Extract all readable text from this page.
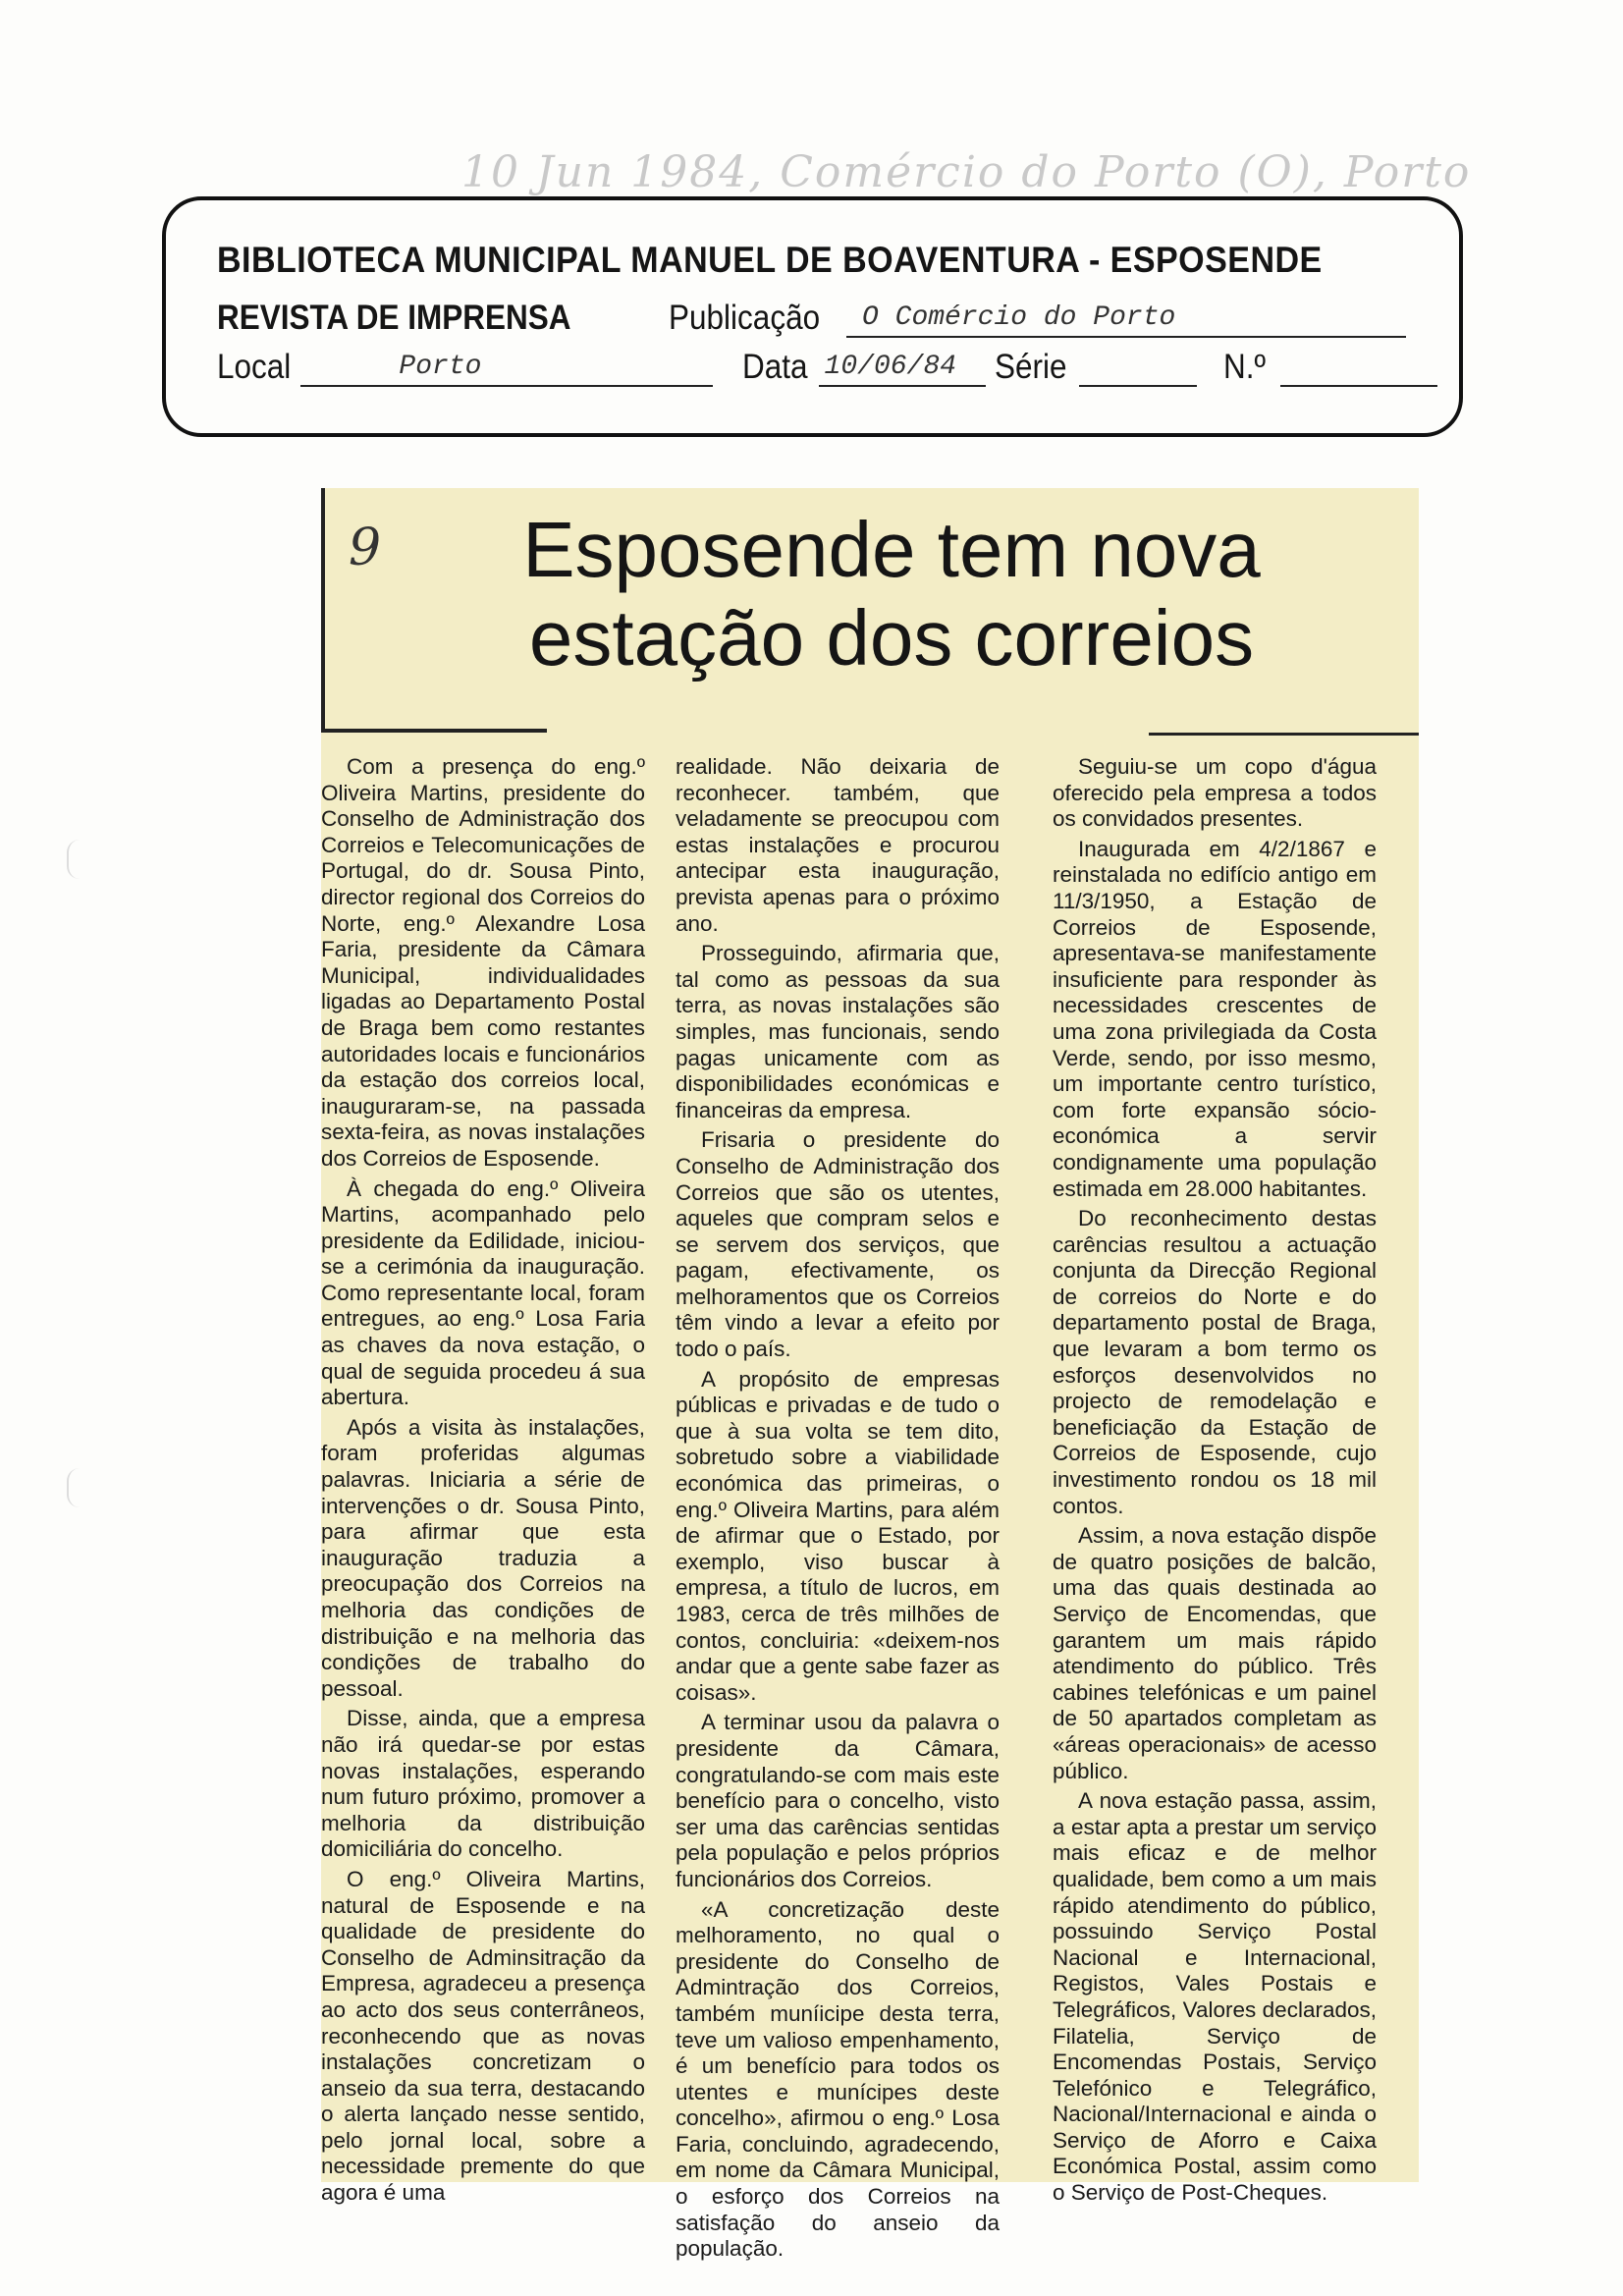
10 Jun 1984, Comércio do Porto (O), Porto
BIBLIOTECA MUNICIPAL MANUEL DE BOAVENTURA - ESPOSENDE
REVISTA DE IMPRENSA	Publicação O Comércio do Porto
Local	Porto	Data 10/06/84 Série	N.º
9	Esposende tem nova
estação dos correios

Com a presença do eng.º Oliveira Martins, presidente do Conselho de Administração dos Correios e Telecomunicações de Portugal, do dr. Sousa Pinto, director regional dos Correios do Norte, eng.º Alexandre Losa Faria, presidente da Câmara Municipal, individualidades ligadas ao Departamento Postal de Braga bem como restantes autoridades locais e funcionários da estação dos correios local, inauguraram-se, na passada sexta-feira, as novas instalações dos Correios de Esposende.

À chegada do eng.º Oliveira Martins, acompanhado pelo presidente da Edilidade, iniciou-se a cerimónia da inauguração. Como representante local, foram entregues, ao eng.º Losa Faria as chaves da nova estação, o qual de seguida procedeu á sua abertura.

Após a visita às instalações, foram proferidas algumas palavras. Iniciaria a série de intervenções o dr. Sousa Pinto, para afirmar que esta inauguração traduzia a preocupação dos Correios na melhoria das condições de distribuição e na melhoria das condições de trabalho do pessoal.

Disse, ainda, que a empresa não irá quedar-se por estas novas instalações, esperando num futuro próximo, promover a melhoria da distribuição domiciliária do concelho.

O eng.º Oliveira Martins, natural de Esposende e na qualidade de presidente do Conselho de Adminsitração da Empresa, agradeceu a presença ao acto dos seus conterrâneos, reconhecendo que as novas instalações concretizam o anseio da sua terra, destacando o alerta lançado nesse sentido, pelo jornal local, sobre a necessidade premente do que agora é uma

realidade. Não deixaria de reconhecer. também, que veladamente se preocupou com estas instalações e procurou antecipar esta inauguração, prevista apenas para o próximo ano.

Prosseguindo, afirmaria que, tal como as pessoas da sua terra, as novas instalações são simples, mas funcionais, sendo pagas unicamente com as disponibilidades económicas e financeiras da empresa.

Frisaria o presidente do Conselho de Administração dos Correios que são os utentes, aqueles que compram selos e se servem dos serviços, que pagam, efectivamente, os melhoramentos que os Correios têm vindo a levar a efeito por todo o país.

A propósito de empresas públicas e privadas e de tudo o que à sua volta se tem dito, sobretudo sobre a viabilidade económica das primeiras, o eng.º Oliveira Martins, para além de afirmar que o Estado, por exemplo, viso buscar à empresa, a título de lucros, em 1983, cerca de três milhões de contos, concluiria: «deixem-nos andar que a gente sabe fazer as coisas».

A terminar usou da palavra o presidente da Câmara, congratulando-se com mais este benefício para o concelho, visto ser uma das carências sentidas pela população e pelos próprios funcionários dos Correios.

«A concretização deste melhoramento, no qual o presidente do Conselho de Admintração dos Correios, também muníicipe desta terra, teve um valioso empenhamento, é um benefício para todos os utentes e munícipes deste concelho», afirmou o eng.º Losa Faria, concluindo, agradecendo, em nome da Câmara Municipal, o esforço dos Correios na satisfação do anseio da população.

Seguiu-se um copo d'água oferecido pela empresa a todos os convidados presentes.

Inaugurada em 4/2/1867 e reinstalada no edifício antigo em 11/3/1950, a Estação de Correios de Esposende, apresentava-se manifestamente insuficiente para responder às necessidades crescentes de uma zona privilegiada da Costa Verde, sendo, por isso mesmo, um importante centro turístico, com forte expansão sócio-económica a servir condignamente uma população estimada em 28.000 habitantes.

Do reconhecimento destas carências resultou a actuação conjunta da Direcção Regional de correios do Norte e do departamento postal de Braga, que levaram a bom termo os esforços desenvolvidos no projecto de remodelação e beneficiação da Estação de Correios de Esposende, cujo investimento rondou os 18 mil contos.

Assim, a nova estação dispõe de quatro posições de balcão, uma das quais destinada ao Serviço de Encomendas, que garantem um mais rápido atendimento do público. Três cabines telefónicas e um painel de 50 apartados completam as «áreas operacionais» de acesso público.

A nova estação passa, assim, a estar apta a prestar um serviço mais eficaz e de melhor qualidade, bem como a um mais rápido atendimento do público, possuindo Serviço Postal Nacional e Internacional, Registos, Vales Postais e Telegráficos, Valores declarados, Filatelia, Serviço de Encomendas Postais, Serviço Telefónico e Telegráfico, Nacional/Internacional e ainda o Serviço de Aforro e Caixa Económica Postal, assim como o Serviço de Post-Cheques.
